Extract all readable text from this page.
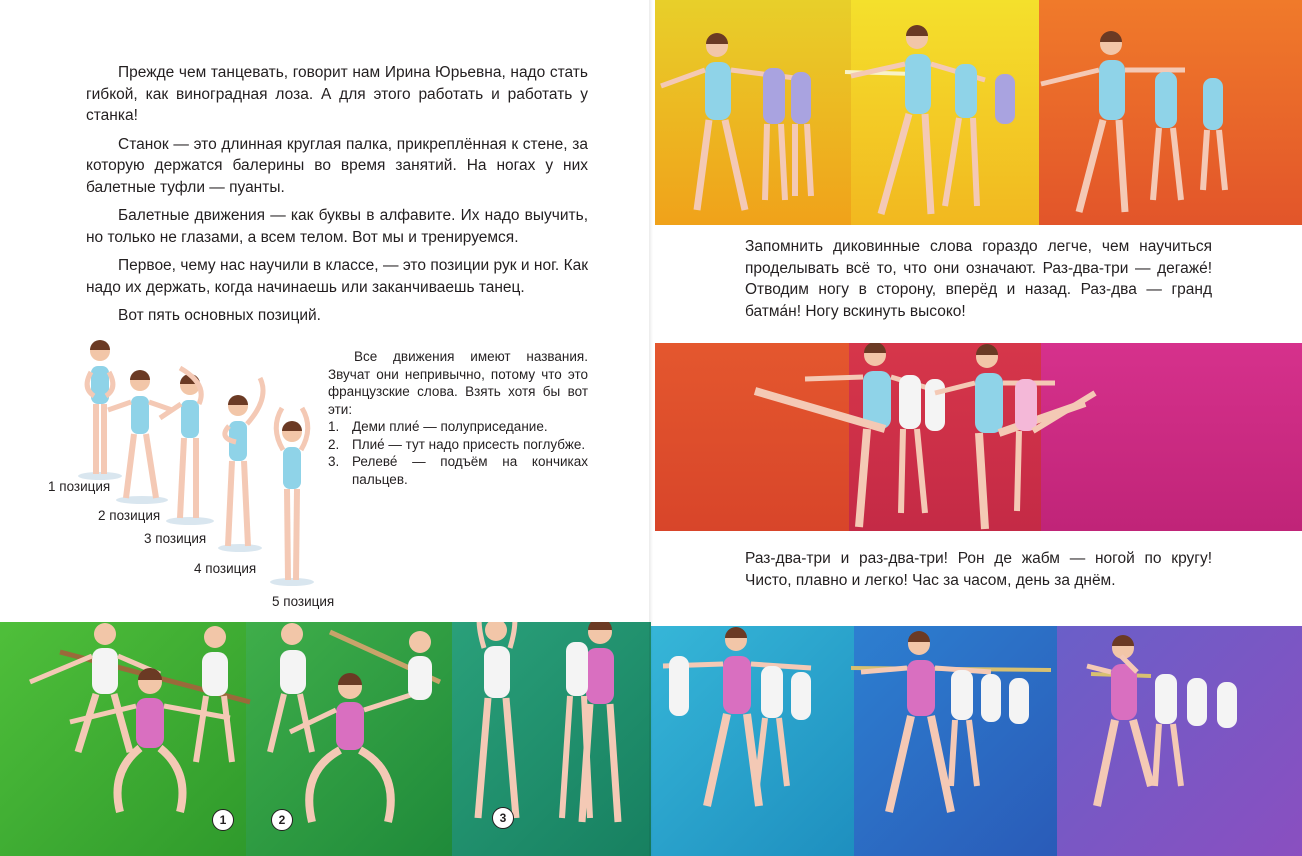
Прежде чем танцевать, говорит нам Ирина Юрьевна, надо стать гибкой, как виноградная лоза. А для этого работать и работать у станка!

Станок — это длинная круглая палка, прикреплённая к стене, за которую держатся балерины во время занятий. На ногах у них балетные туфли — пуанты.

Балетные движения — как буквы в алфавите. Их надо выучить, но только не глазами, а всем телом. Вот мы и тренируемся.

Первое, чему нас научили в классе, — это позиции рук и ног. Как надо их держать, когда начинаешь или заканчиваешь танец.

Вот пять основных позиций.

1 позиция
2 позиция
3 позиция
4 позиция
5 позиция

Все движения имеют названия. Звучат они непривычно, потому что это французские слова. Взять хотя бы вот эти:

1. Деми плие́ — полуприседание.
2. Плие́ — тут надо присесть поглубже.
3. Релеве́ — подъём на кончиках пальцев.
1	2	3

Запомнить диковинные слова гораздо легче, чем научиться проделывать всё то, что они означают. Раз-два-три — дегаже́! Отводим ногу в сторону, вперёд и назад. Раз-два — гранд батма́н! Ногу вскинуть высоко!

Раз-два-три и раз-два-три! Рон де жабм — ногой по кругу! Чисто, плавно и легко! Час за часом, день за днём.
